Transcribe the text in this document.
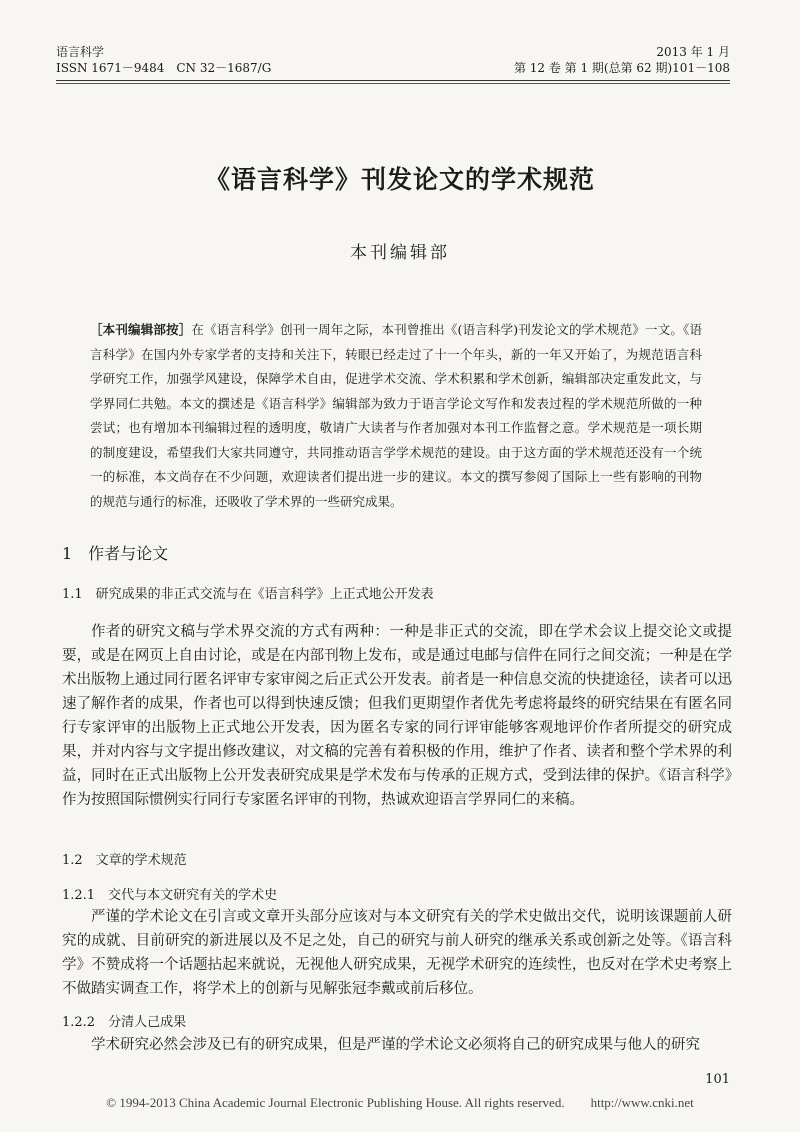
语言科学
ISSN 1671－9484　CN 32－1687/G
2013 年 1 月
第 12 卷 第 1 期(总第 62 期)101－108
《语言科学》刊发论文的学术规范
本刊编辑部
［本刊编辑部按］在《语言科学》创刊一周年之际，本刊曾推出《(语言科学)刊发论文的学术规范》一文。《语言科学》在国内外专家学者的支持和关注下，转眼已经走过了十一个年头，新的一年又开始了，为规范语言科学研究工作，加强学风建设，保障学术自由，促进学术交流、学术积累和学术创新，编辑部决定重发此文，与学界同仁共勉。本文的撰述是《语言科学》编辑部为致力于语言学论文写作和发表过程的学术规范所做的一种尝试；也有增加本刊编辑过程的透明度，敬请广大读者与作者加强对本刊工作监督之意。学术规范是一项长期的制度建设，希望我们大家共同遵守，共同推动语言学学术规范的建设。由于这方面的学术规范还没有一个统一的标准，本文尚存在不少问题，欢迎读者们提出进一步的建议。本文的撰写参阅了国际上一些有影响的刊物的规范与通行的标准，还吸收了学术界的一些研究成果。
1　作者与论文
1.1　研究成果的非正式交流与在《语言科学》上正式地公开发表
作者的研究文稿与学术界交流的方式有两种：一种是非正式的交流，即在学术会议上提交论文或提要，或是在网页上自由讨论，或是在内部刊物上发布，或是通过电邮与信件在同行之间交流；一种是在学术出版物上通过同行匿名评审专家审阅之后正式公开发表。前者是一种信息交流的快捷途径，读者可以迅速了解作者的成果，作者也可以得到快速反馈；但我们更期望作者优先考虑将最终的研究结果在有匿名同行专家评审的出版物上正式地公开发表，因为匿名专家的同行评审能够客观地评价作者所提交的研究成果，并对内容与文字提出修改建议，对文稿的完善有着积极的作用，维护了作者、读者和整个学术界的利益，同时在正式出版物上公开发表研究成果是学术发布与传承的正规方式，受到法律的保护。《语言科学》作为按照国际惯例实行同行专家匿名评审的刊物，热诚欢迎语言学界同仁的来稿。
1.2　文章的学术规范
1.2.1　交代与本文研究有关的学术史
严谨的学术论文在引言或文章开头部分应该对与本文研究有关的学术史做出交代，说明该课题前人研究的成就、目前研究的新进展以及不足之处，自己的研究与前人研究的继承关系或创新之处等。《语言科学》不赞成将一个话题拈起来就说，无视他人研究成果，无视学术研究的连续性，也反对在学术史考察上不做踏实调查工作，将学术上的创新与见解张冠李戴或前后移位。
1.2.2　分清人己成果
学术研究必然会涉及已有的研究成果，但是严谨的学术论文必须将自己的研究成果与他人的研究
101
© 1994-2013 China Academic Journal Electronic Publishing House. All rights reserved.　　http://www.cnki.net
